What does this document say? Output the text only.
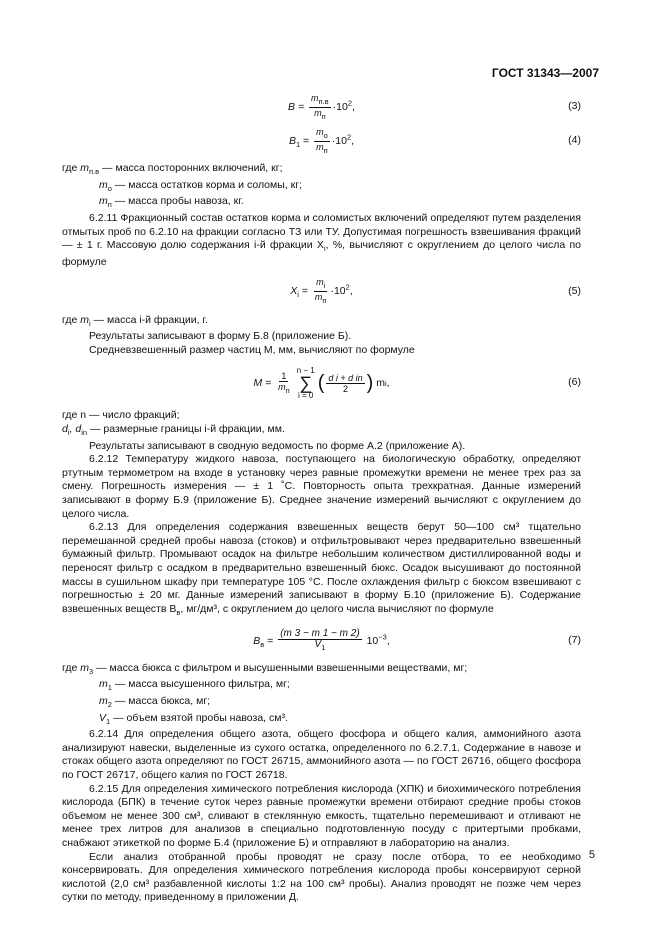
ГОСТ 31343—2007
$B = \frac{m_{п.в}}{m_п} \cdot 10^2$,	(3)
$B_1 = \frac{m_о}{m_п} \cdot 10^2$,	(4)

где $m_{п.в}$ — масса посторонних включений, кг;

$m_о$ — масса остатков корма и соломы, кг;

$m_п$ — масса пробы навоза, кг.

6.2.11 Фракционный состав остатков корма и соломистых включений определяют путем разделения отмытых проб по 6.2.10 на фракции согласно ТЗ или ТУ. Допустимая погрешность взвешивания фракций — ± 1 г. Массовую долю содержания i-й фракции $X_i$, %, вычисляют с округлением до целого числа по формуле

$X_i = \frac{m_i}{m_п} \cdot 10^2$,	(5)

где $m_i$ — масса i-й фракции, г.

Результаты записывают в форму Б.8 (приложение Б).

Средневзвешенный размер частиц M, мм, вычисляют по формуле

M =
$\frac{1}{m_п}$
n − 1
∑
i = 0
( $\frac{\text{d i + d in}}{2}$ )
m i ,	(6)

где n — число фракций;

$d_i$, $d_{in}$ — размерные границы i-й фракции, мм.

Результаты записывают в сводную ведомость по форме А.2 (приложение А).

6.2.12 Температуру жидкого навоза, поступающего на биологическую обработку, определяют ртутным термометром на входе в установку через равные промежутки времени не менее трех раз за смену. Погрешность измерения — ± 1 ˚С. Повторность опыта трехкратная. Данные измерений записывают в форму Б.9 (приложение Б). Среднее значение измерений вычисляют с округлением до целого числа.

6.2.13 Для определения содержания взвешенных веществ берут 50—100 см³ тщательно перемешанной средней пробы навоза (стоков) и отфильтровывают через предварительно взвешенный бумажный фильтр. Промывают осадок на фильтре небольшим количеством дистиллированной воды и переносят фильтр с осадком в предварительно взвешенный бюкс. Осадок высушивают до постоянной массы в сушильном шкафу при температуре 105 °С. После охлаждения фильтр с бюксом взвешивают с погрешностью ± 20 мг. Данные измерений записывают в форму Б.10 (приложение Б). Содержание взвешенных веществ $B_в$, мг/дм³, с округлением до целого числа вычисляют по формуле

$B_в = \frac{(m 3 - m 1 - m 2)}{V_1} 10^{-3}$,	(7)

где $m_3$ — масса бюкса с фильтром и высушенными взвешенными веществами, мг;

$m_1$ — масса высушенного фильтра, мг;

$m_2$ — масса бюкса, мг;

$V_1$ — объем взятой пробы навоза, см³.

6.2.14 Для определения общего азота, общего фосфора и общего калия, аммонийного азота анализируют навески, выделенные из сухого остатка, определенного по 6.2.7.1. Содержание в навозе и стоках общего азота определяют по ГОСТ 26715, аммонийного азота — по ГОСТ 26716, общего фосфора по ГОСТ 26717, общего калия по ГОСТ 26718.

6.2.15 Для определения химического потребления кислорода (ХПК) и биохимического потребления кислорода (БПК) в течение суток через равные промежутки времени отбирают средние пробы стоков объемом не менее 300 см³, сливают в стеклянную емкость, тщательно перемешивают и отливают не менее трех литров для анализов в специально подготовленную посуду с притертыми пробками, снабжают этикеткой по форме Б.4 (приложение Б) и отправляют в лабораторию на анализ.

Если анализ отобранной пробы проводят не сразу после отбора, то ее необходимо консервировать. Для определения химического потребления кислорода пробы консервируют серной кислотой (2,0 см³ разбавленной кислоты 1:2 на 100 см³ пробы). Анализ проводят не позже чем через сутки по методу, приведенному в приложении Д.

5
